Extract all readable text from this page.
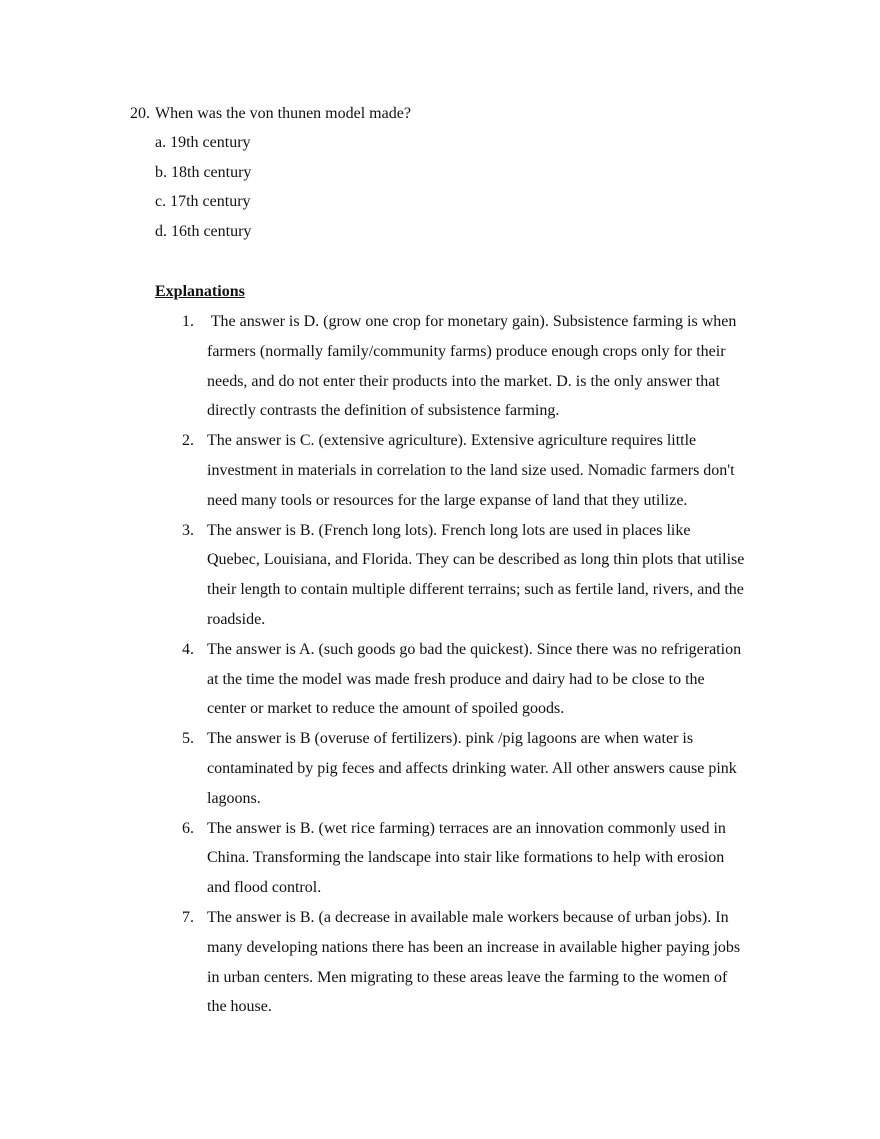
20. When was the von thunen model made?
a. 19th century
b. 18th century
c. 17th century
d. 16th century
Explanations
1. The answer is D. (grow one crop for monetary gain). Subsistence farming is when
farmers (normally family/community farms) produce enough crops only for their
needs, and do not enter their products into the market. D. is the only answer that
directly contrasts the definition of subsistence farming.
2. The answer is C. (extensive agriculture). Extensive agriculture requires little
investment in materials in correlation to the land size used. Nomadic farmers don't
need many tools or resources for the large expanse of land that they utilize.
3. The answer is B. (French long lots). French long lots are used in places like
Quebec, Louisiana, and Florida. They can be described as long thin plots that utilise
their length to contain multiple different terrains; such as fertile land, rivers, and the
roadside.
4. The answer is A. (such goods go bad the quickest). Since there was no refrigeration
at the time the model was made fresh produce and dairy had to be close to the
center or market to reduce the amount of spoiled goods.
5. The answer is B (overuse of fertilizers). pink /pig lagoons are when water is
contaminated by pig feces and affects drinking water. All other answers cause pink
lagoons.
6. The answer is B. (wet rice farming) terraces are an innovation commonly used in
China. Transforming the landscape into stair like formations to help with erosion
and flood control.
7. The answer is B. (a decrease in available male workers because of urban jobs). In
many developing nations there has been an increase in available higher paying jobs
in urban centers. Men migrating to these areas leave the farming to the women of
the house.
